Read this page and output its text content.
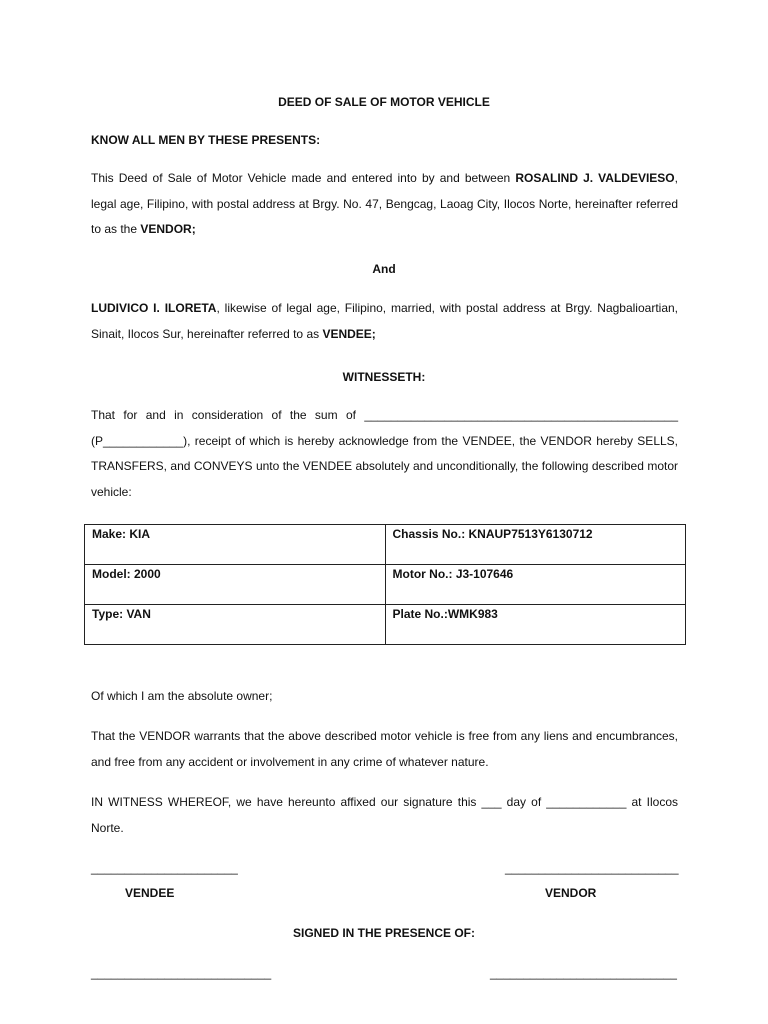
DEED OF SALE OF MOTOR VEHICLE

KNOW ALL MEN BY THESE PRESENTS:

This Deed of Sale of Motor Vehicle made and entered into by and between ROSALIND J. VALDEVIESO, legal age, Filipino, with postal address at Brgy. No. 47, Bengcag, Laoag City, Ilocos Norte, hereinafter referred to as the VENDOR;

And

LUDIVICO I. ILORETA, likewise of legal age, Filipino, married, with postal address at Brgy. Nagbalioartian, Sinait, Ilocos Sur, hereinafter referred to as VENDEE;

WITNESSETH:

That for and in consideration of the sum of _______________________________________________ (P____________), receipt of which is hereby acknowledge from the VENDEE, the VENDOR hereby SELLS, TRANSFERS, and CONVEYS unto the VENDEE absolutely and unconditionally, the following described motor vehicle:

Make: KIA	Chassis No.: KNAUP7513Y6130712
Model: 2000	Motor No.: J3-107646
Type: VAN	Plate No.:WMK983

Of which I am the absolute owner;

That the VENDOR warrants that the above described motor vehicle is free from any liens and encumbrances, and free from any accident or involvement in any crime of whatever nature.

IN WITNESS WHEREOF, we have hereunto affixed our signature this ___ day of ____________ at Ilocos Norte.

______________________	__________________________
VENDEE	VENDOR

SIGNED IN THE PRESENCE OF:

___________________________	____________________________
